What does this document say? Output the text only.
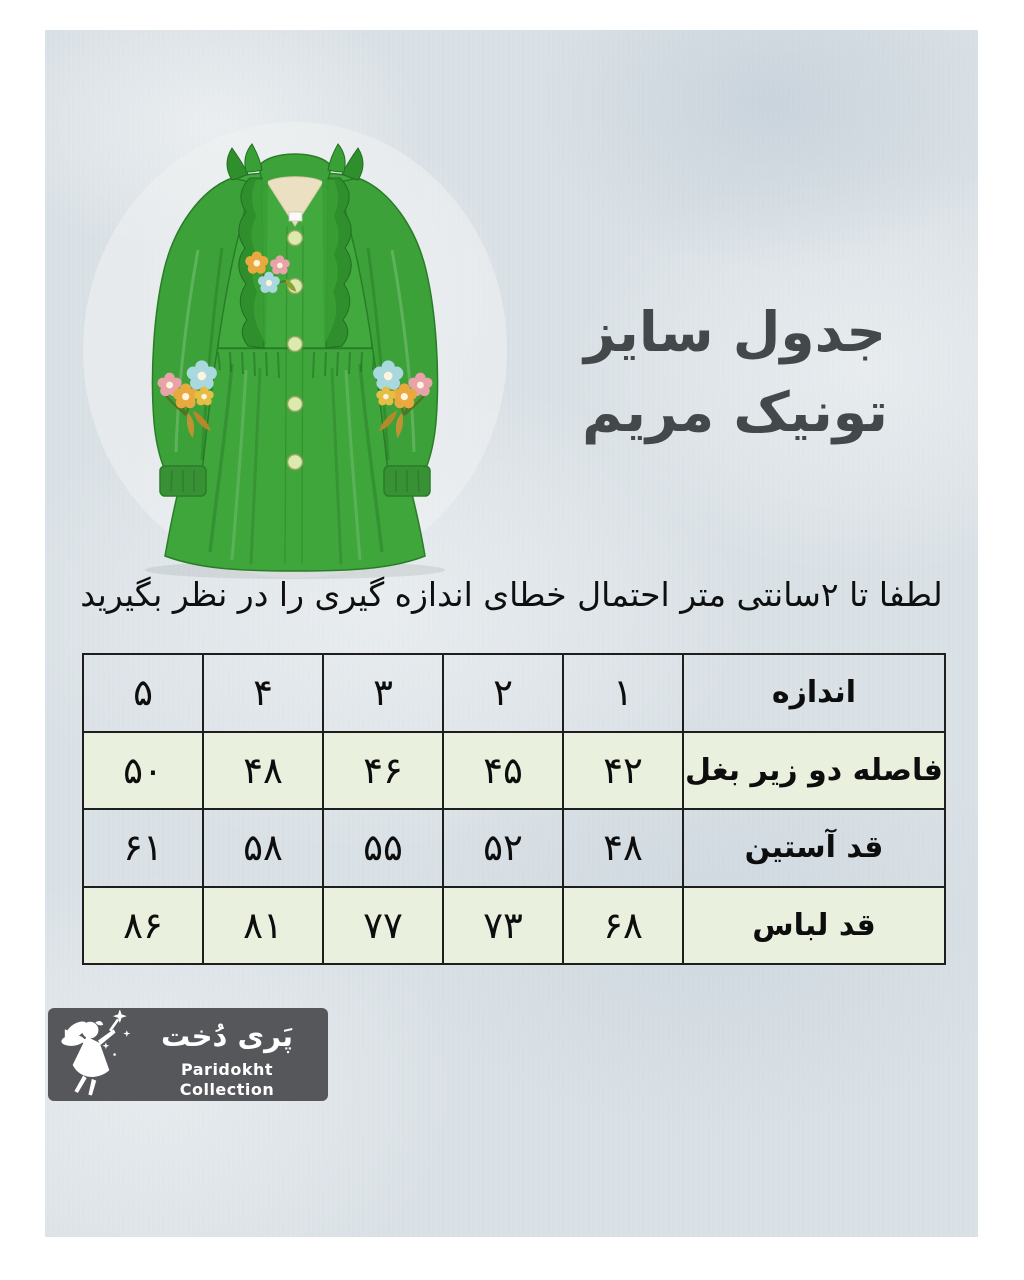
جدول سایز
تونیک مریم
لطفا تا ۲سانتی متر احتمال خطای اندازه گیری را در نظر بگیرید
اندازه	۱	۲	۳	۴	۵
فاصله دو زیر بغل	۴۲	۴۵	۴۶	۴۸	۵۰
قد آستین	۴۸	۵۲	۵۵	۵۸	۶۱
قد لباس	۶۸	۷۳	۷۷	۸۱	۸۶
پَری دُخت
Paridokht Collection
